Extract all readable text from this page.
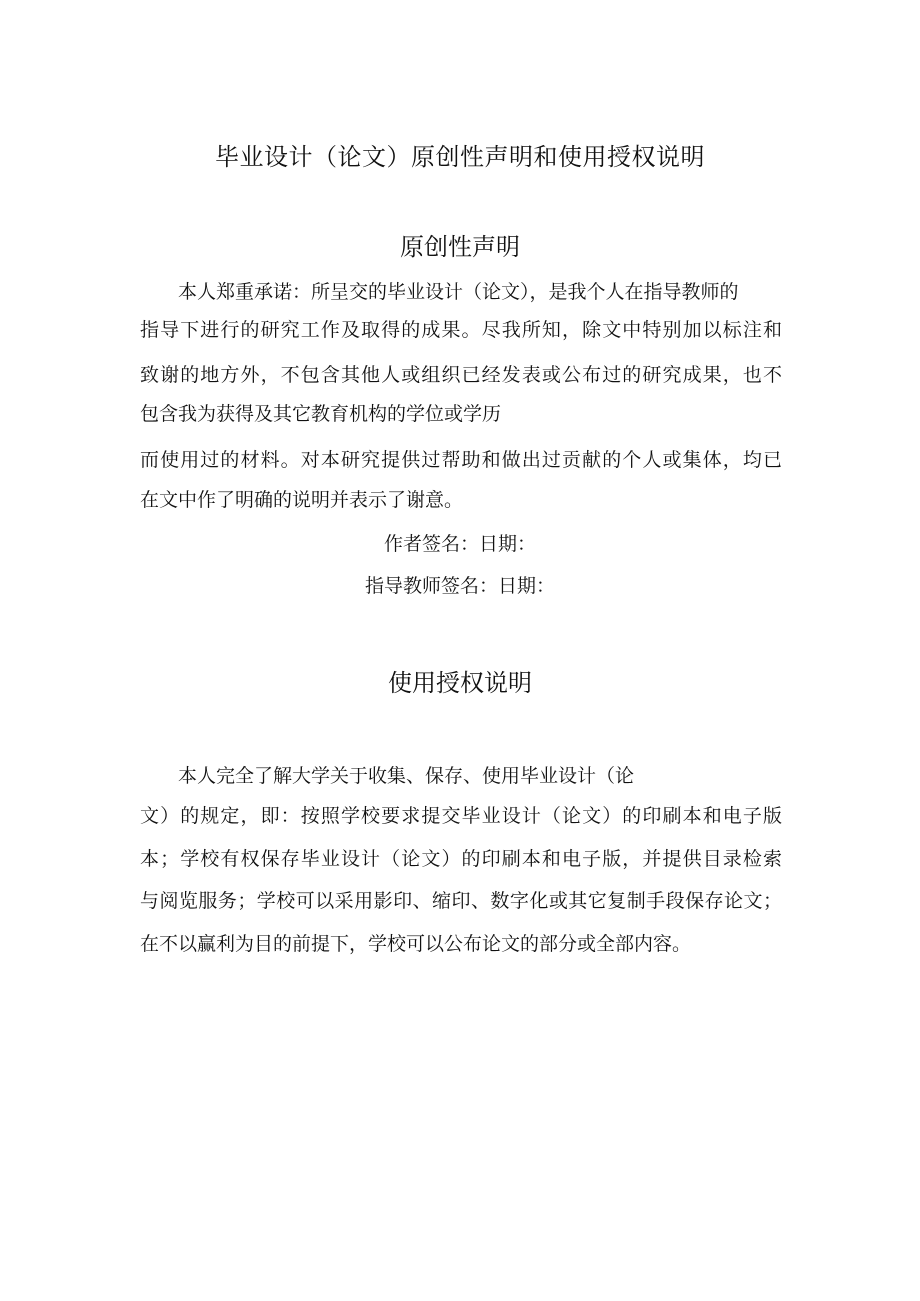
毕业设计（论文）原创性声明和使用授权说明
原创性声明

本人郑重承诺：所呈交的毕业设计（论文），是我个人在指导教师的

指导下进行的研究工作及取得的成果。尽我所知，除文中特别加以标注和

致谢的地方外，不包含其他人或组织已经发表或公布过的研究成果，也不

包含我为获得及其它教育机构的学位或学历

而使用过的材料。对本研究提供过帮助和做出过贡献的个人或集体，均已

在文中作了明确的说明并表示了谢意。

作者签名：日期：

指导教师签名：日期：

使用授权说明

本人完全了解大学关于收集、保存、使用毕业设计（论

文）的规定，即：按照学校要求提交毕业设计（论文）的印刷本和电子版

本；学校有权保存毕业设计（论文）的印刷本和电子版，并提供目录检索

与阅览服务；学校可以采用影印、缩印、数字化或其它复制手段保存论文；

在不以赢利为目的前提下，学校可以公布论文的部分或全部内容。
